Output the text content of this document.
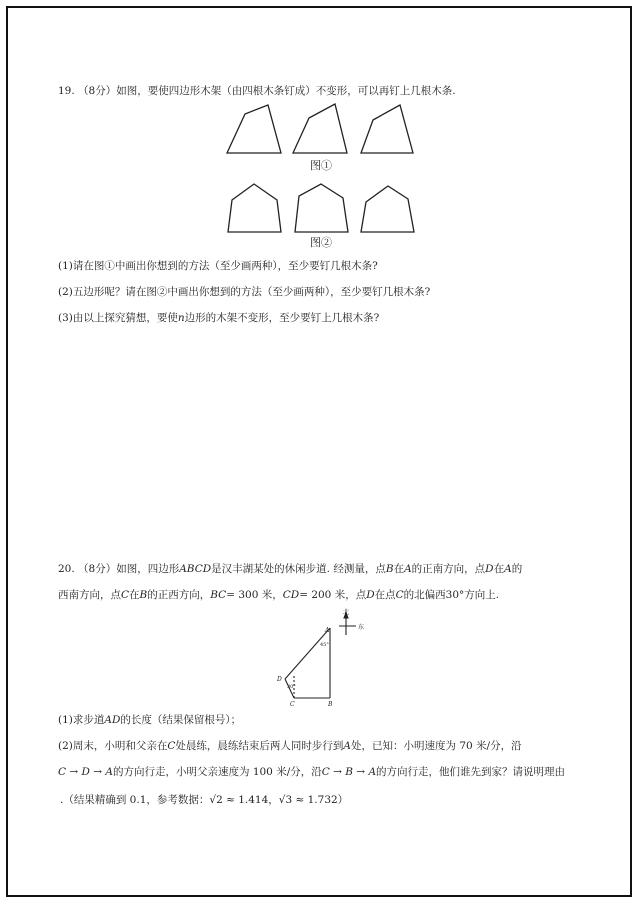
19. （8分）如图，要使四边形木架（由四根木条钉成）不变形，可以再钉上几根木条.
图①
图②
(1)请在图①中画出你想到的方法（至少画两种），至少要钉几根木条?
(2)五边形呢？请在图②中画出你想到的方法（至少画两种），至少要钉几根木条?
(3)由以上探究猜想，要使n边形的木架不变形，至少要钉上几根木条?
20. （8分）如图，四边形ABCD是汉丰湖某处的休闲步道. 经测量，点B在A的正南方向，点D在A的
西南方向，点C在B的正西方向，BC= 300 米，CD= 200 米，点D在点C的北偏西30°方向上.
北
东
A
B
C
D
45°
30°
(1)求步道AD的长度（结果保留根号）；
(2)周末，小明和父亲在C处晨练，晨练结束后两人同时步行到A处，已知：小明速度为 70 米/分，沿
C → D → A的方向行走，小明父亲速度为 100 米/分，沿C → B → A的方向行走，他们谁先到家？请说明理由
.（结果精确到 0.1，参考数据：√2 ≈ 1.414，√3 ≈ 1.732）
